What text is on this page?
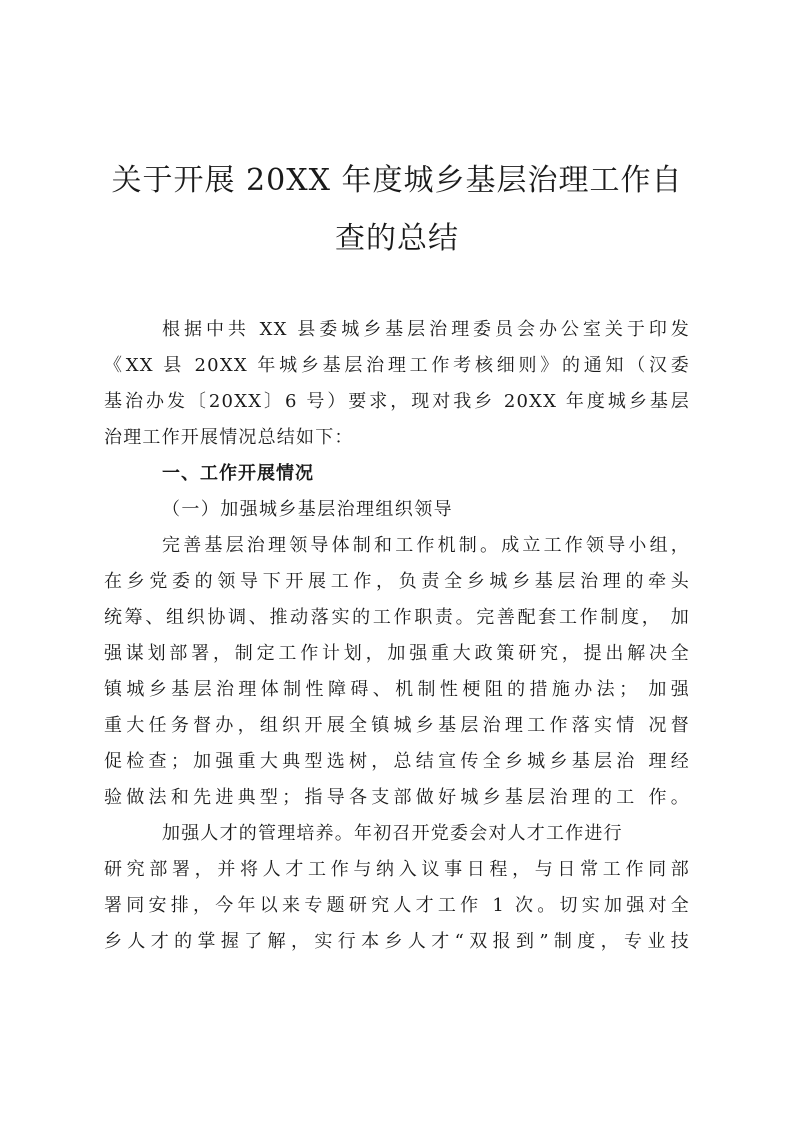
关于开展 20XX 年度城乡基层治理工作自
查的总结
根据中共 XX 县委城乡基层治理委员会办公室关于印发
《XX 县 20XX 年城乡基层治理工作考核细则》的通知（汉委
基治办发〔20XX〕6 号）要求，现对我乡 20XX 年度城乡基层
治理工作开展情况总结如下：
一、工作开展情况
（一）加强城乡基层治理组织领导
完善基层治理领导体制和工作机制。成立工作领导小组，
在乡党委的领导下开展工作，负责全乡城乡基层治理的牵头
统筹、组织协调、推动落实的工作职责。完善配套工作制度， 加
强谋划部署，制定工作计划，加强重大政策研究，提出解决全
镇城乡基层治理体制性障碍、机制性梗阻的措施办法； 加强
重大任务督办，组织开展全镇城乡基层治理工作落实情 况督
促检查；加强重大典型选树，总结宣传全乡城乡基层治 理经
验做法和先进典型；指导各支部做好城乡基层治理的工 作。
加强人才的管理培养。年初召开党委会对人才工作进行
研究部署，并将人才工作与纳入议事日程，与日常工作同部
署同安排，今年以来专题研究人才工作 1 次。切实加强对全
乡人才的掌握了解，实行本乡人才“双报到”制度，专业技
